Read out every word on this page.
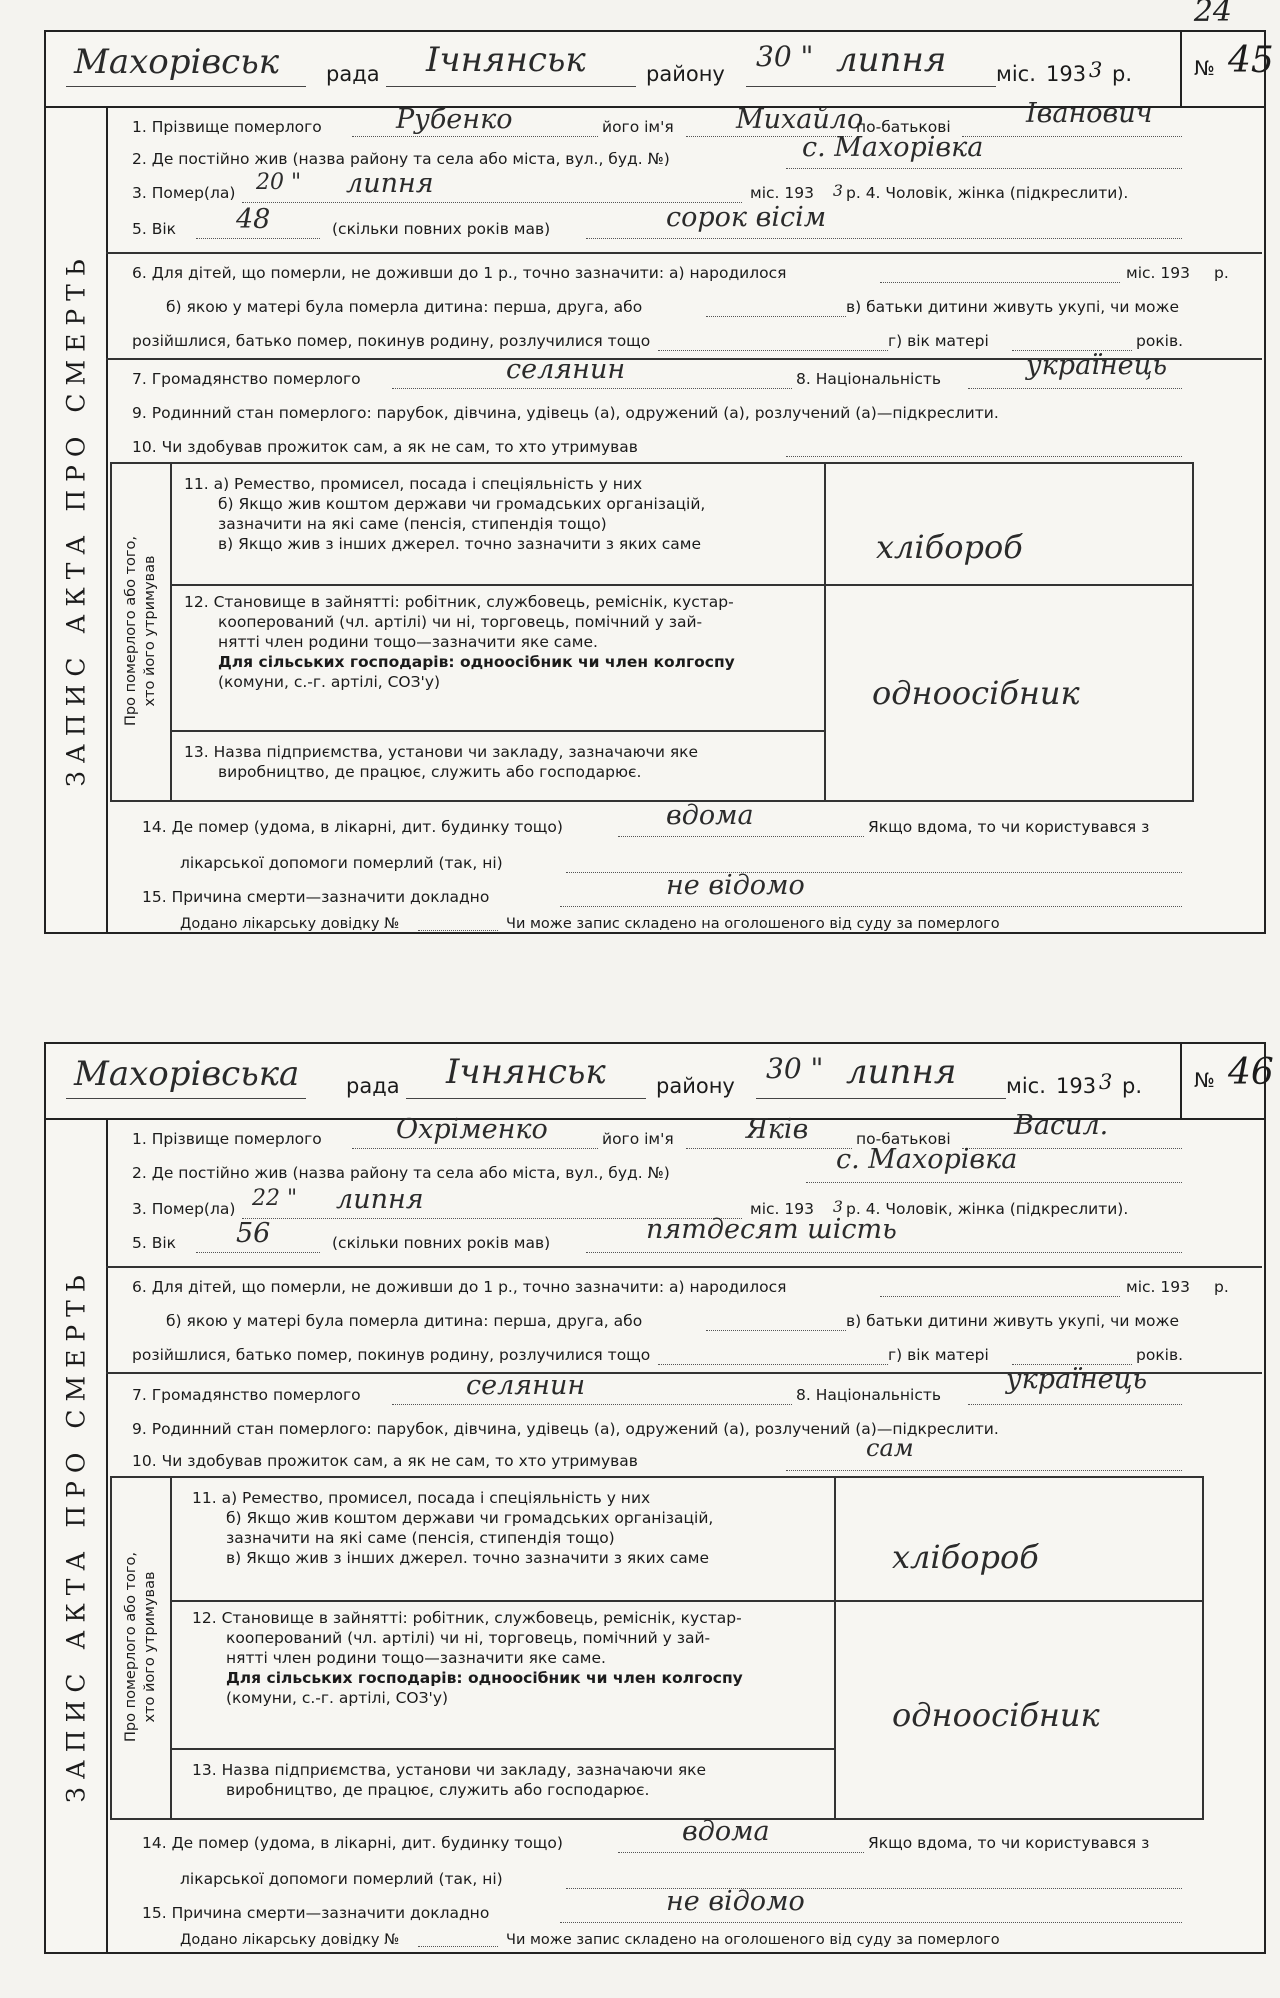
24
Махорівськ рада Ічнянськ	району
30 " липня міс. 193 3 р.	№ 45
ЗАПИС АКТА ПРО СМЕРТЬ
1. Прізвище померлого	Рубенко	його ім'я Михайло
по-батькові	Іванович
2. Де постійно жив (назва району та села або міста, вул., буд. №)	с. Махорівка
3. Помер(ла) 20 " липня	міс. 193 3 р. 4. Чоловік, жінка (підкреслити).
5. Вік 48	(скільки повних років мав)	сорок вісім
6. Для дітей, що померли, не доживши до 1 р., точно зазначити: а) народилося	міс. 193 р.
б) якою у матері була померла дитина: перша, друга, або	в) батьки дитини живуть укупі, чи може
розійшлися, батько помер, покинув родину, розлучилися тощо	г) вік матері	років.
7. Громадянство померлого	селянин	8. Національність	українець
9. Родинний стан померлого: парубок, дівчина, удівець (а), одружений (а), розлучений (а)—підкреслити.
10. Чи здобував прожиток сам, а як не сам, то хто утримував
Про померлого або того, хто його утримував
11. а) Ремество, промисел, посада і спеціяльність у них
б) Якщо жив коштом держави чи громадських організацій,
зазначити на які саме (пенсія, стипендія тощо)
в) Якщо жив з інших джерел. точно зазначити з яких саме	хлібороб
12. Становище в зайнятті: робітник, службовець, реміснік, кустар-
кооперований (чл. артілі) чи ні, торговець, помічний у зай-
нятті член родини тощо—зазначити яке саме.
Для сільських господарів: одноосібник чи член колгоспу
(комуни, с.-г. артілі, СОЗ'у)	одноосібник
13. Назва підприємства, установи чи закладу, зазначаючи яке
виробництво, де працює, служить або господарює.
14. Де помер (удома, в лікарні, дит. будинку тощо)	вдома	Якщо вдома, то чи користувався з
лікарської допомоги померлий (так, ні)
15. Причина смерти—зазначити докладно	не відомо
Додано лікарську довідку №	Чи може запис складено на оголошеного від суду за померлого
Махорівська рада Ічнянськ району
30 " липня міс. 193 3 р.	№ 46
ЗАПИС АКТА ПРО СМЕРТЬ
1. Прізвище померлого	Охріменко	його ім'я	Яків	по-батькові Васил.
2. Де постійно жив (назва району та села або міста, вул., буд. №)	с. Махорівка
3. Помер(ла) 22 " липня	міс. 193 3 р. 4. Чоловік, жінка (підкреслити).
5. Вік 56	(скільки повних років мав)	пятдесят шість
6. Для дітей, що померли, не доживши до 1 р., точно зазначити: а) народилося	міс. 193 р.
б) якою у матері була померла дитина: перша, друга, або	в) батьки дитини живуть укупі, чи може
розійшлися, батько помер, покинув родину, розлучилися тощо	г) вік матері	років.
7. Громадянство померлого	селянин	8. Національність українець
9. Родинний стан померлого: парубок, дівчина, удівець (а), одружений (а), розлучений (а)—підкреслити.
10. Чи здобував прожиток сам, а як не сам, то хто утримував	сам
Про померлого або того, хто його утримував
11. а) Ремество, промисел, посада і спеціяльність у них
б) Якщо жив коштом держави чи громадських організацій,
зазначити на які саме (пенсія, стипендія тощо)
в) Якщо жив з інших джерел. точно зазначити з яких саме	хлібороб
12. Становище в зайнятті: робітник, службовець, реміснік, кустар-
кооперований (чл. артілі) чи ні, торговець, помічний у зай-
нятті член родини тощо—зазначити яке саме.
Для сільських господарів: одноосібник чи член колгоспу
(комуни, с.-г. артілі, СОЗ'у)	одноосібник
13. Назва підприємства, установи чи закладу, зазначаючи яке
виробництво, де працює, служить або господарює.
14. Де помер (удома, в лікарні, дит. будинку тощо)	вдома	Якщо вдома, то чи користувався з
лікарської допомоги померлий (так, ні)
15. Причина смерти—зазначити докладно	не відомо
Додано лікарську довідку №	Чи може запис складено на оголошеного від суду за померлого
